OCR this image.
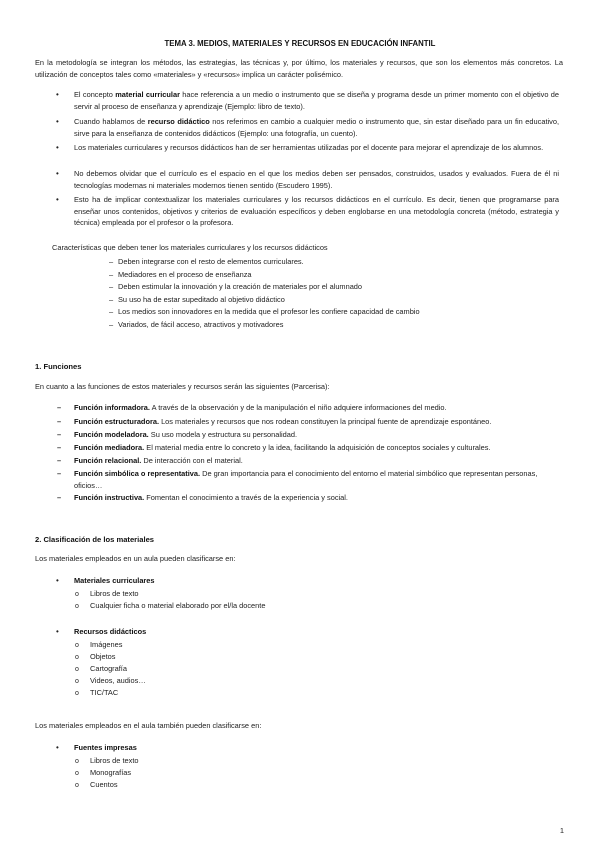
TEMA 3. MEDIOS, MATERIALES Y RECURSOS EN EDUCACIÓN INFANTIL
En la metodología se integran los métodos, las estrategias, las técnicas y, por último, los materiales y recursos, que son los elementos más concretos. La utilización de conceptos tales como «materiales» y «recursos» implica un carácter polisémico.
•	El concepto material curricular hace referencia a un medio o instrumento que se diseña y programa desde un primer momento con el objetivo de servir al proceso de enseñanza y aprendizaje (Ejemplo: libro de texto).
•	Cuando hablamos de recurso didáctico nos referimos en cambio a cualquier medio o instrumento que, sin estar diseñado para un fin educativo, sirve para la enseñanza de contenidos didácticos (Ejemplo: una fotografía, un cuento).
•	Los materiales curriculares y recursos didácticos han de ser herramientas utilizadas por el docente para mejorar el aprendizaje de los alumnos.
•	No debemos olvidar que el currículo es el espacio en el que los medios deben ser pensados, construidos, usados y evaluados. Fuera de él ni tecnologías modernas ni materiales modernos tienen sentido (Escudero 1995).
•	Esto ha de implicar contextualizar los materiales curriculares y los recursos didácticos en el currículo. Es decir, tienen que programarse para enseñar unos contenidos, objetivos y criterios de evaluación específicos y deben englobarse en una metodología concreta (método, estrategia y técnica) empleada por el profesor o la profesora.
Características que deben tener los materiales curriculares y los recursos didácticos
– Deben integrarse con el resto de elementos curriculares.
– Mediadores en el proceso de enseñanza
– Deben estimular la innovación y la creación de materiales por el alumnado
– Su uso ha de estar supeditado al objetivo didáctico
– Los medios son innovadores en la medida que el profesor les confiere capacidad de cambio
– Variados, de fácil acceso, atractivos y motivadores
1. Funciones
En cuanto a las funciones de estos materiales y recursos serán las siguientes (Parcerisa):
–	Función informadora. A través de la observación y de la manipulación el niño adquiere informaciones del medio.
–	Función estructuradora. Los materiales y recursos que nos rodean constituyen la principal fuente de aprendizaje espontáneo.
–	Función modeladora. Su uso modela y estructura su personalidad.
–	Función mediadora. El material media entre lo concreto y la idea, facilitando la adquisición de conceptos sociales y culturales.
–	Función relacional. De interacción con el material.
–	Función simbólica o representativa. De gran importancia para el conocimiento del entorno el material simbólico que representan personas, oficios…
–	Función instructiva. Fomentan el conocimiento a través de la experiencia y social.
2. Clasificación de los materiales
Los materiales empleados en un aula pueden clasificarse en:
•	Materiales curriculares
o Libros de texto
o Cualquier ficha o material elaborado por el/la docente
•	Recursos didácticos
o Imágenes
o Objetos
o Cartografía
o Videos, audios…
o TIC/TAC
Los materiales empleados en el aula también pueden clasificarse en:
•	Fuentes impresas
o Libros de texto
o Monografías
o Cuentos
1
